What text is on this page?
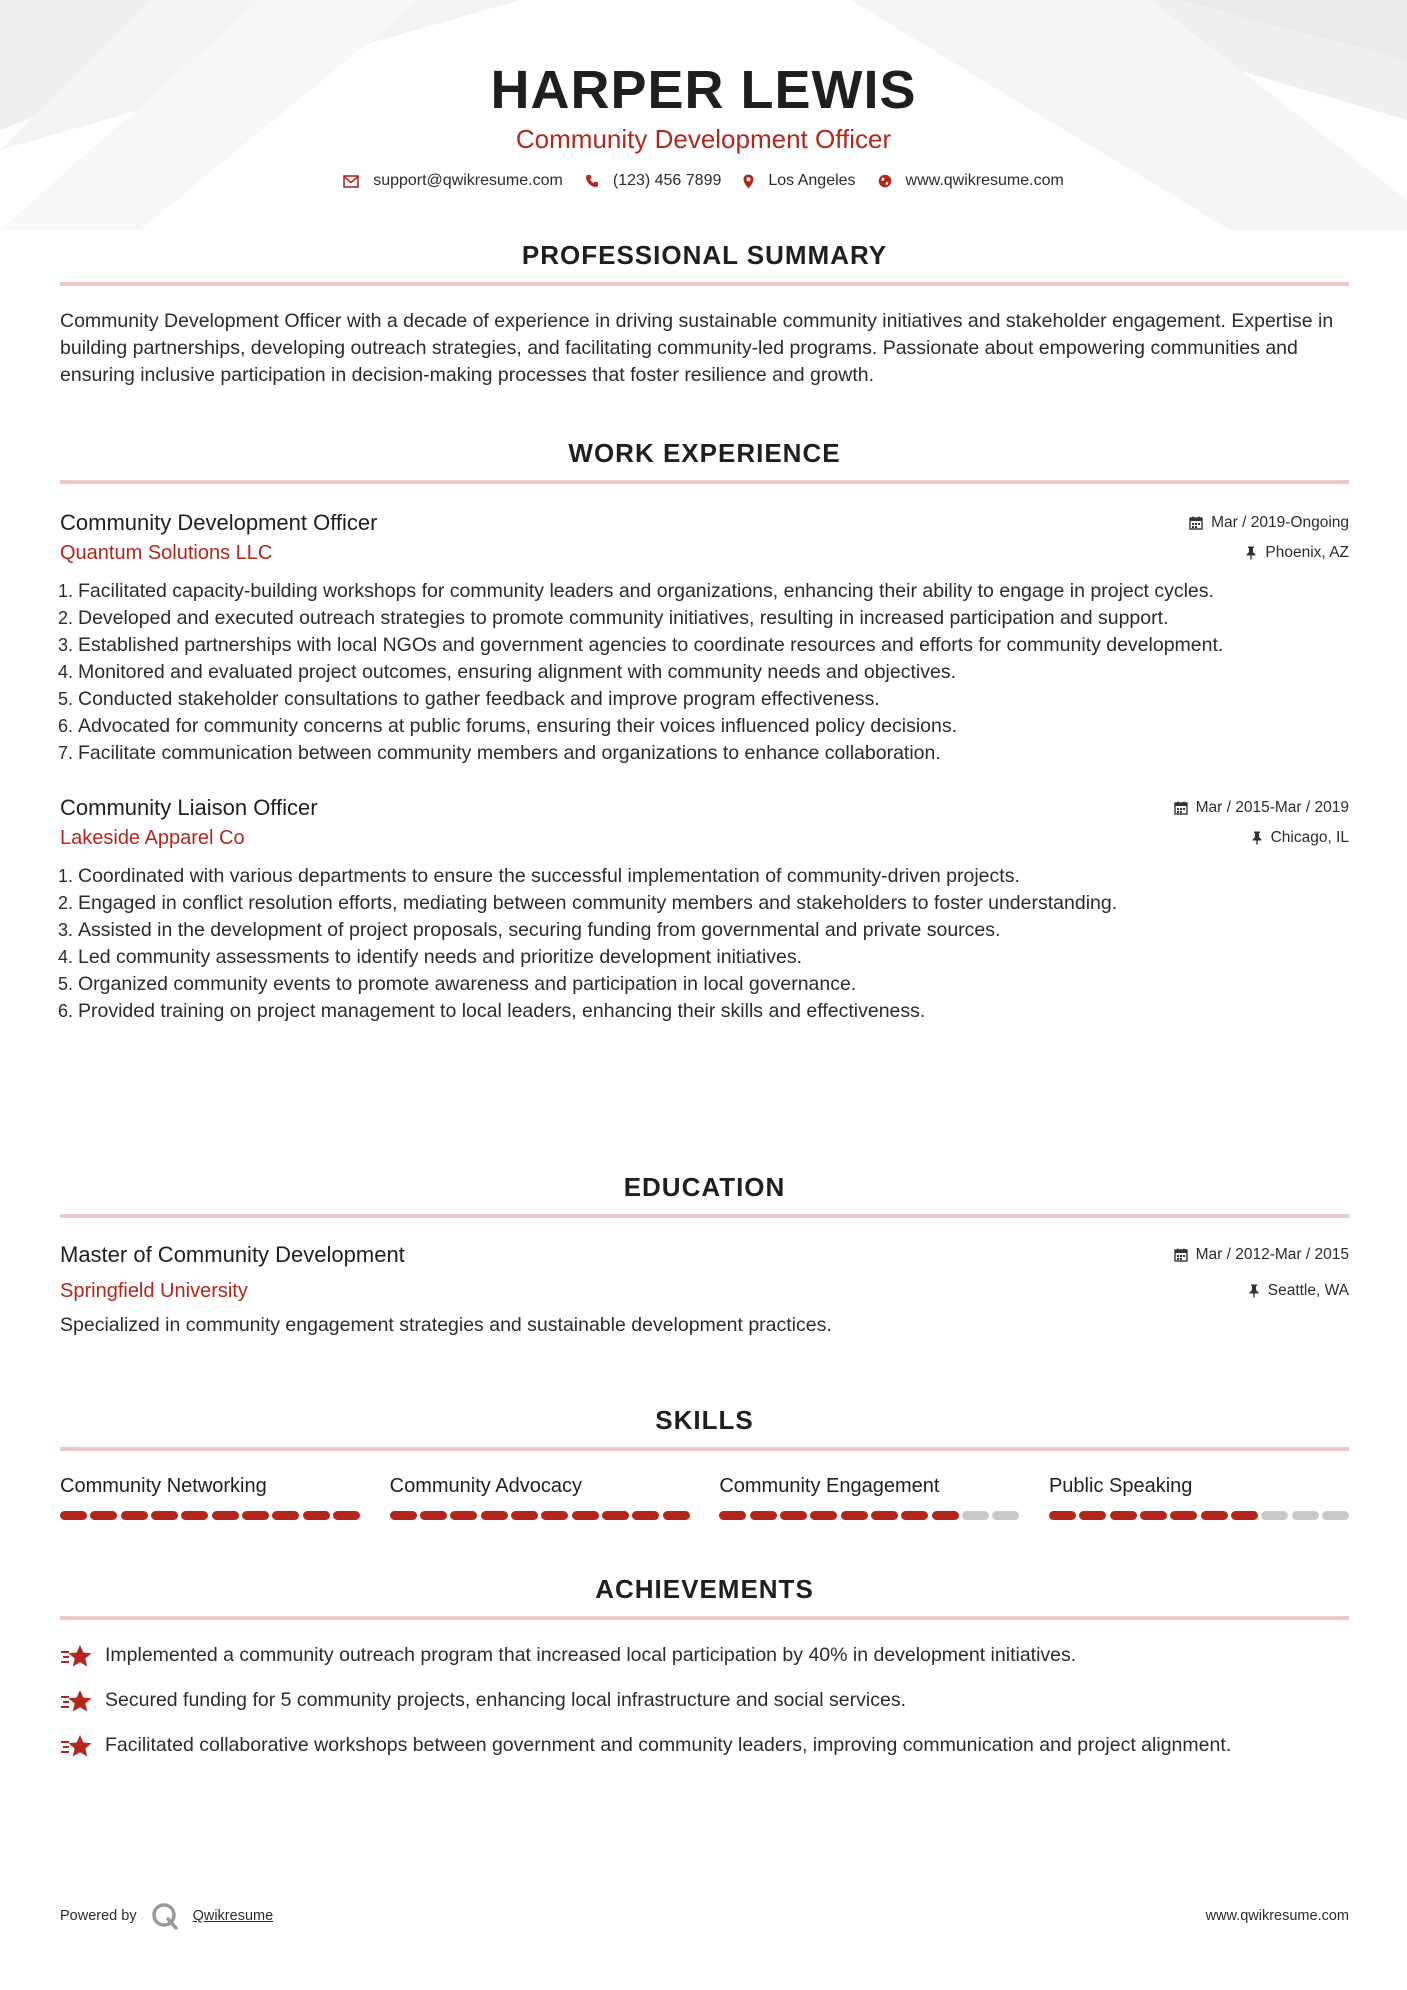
HARPER LEWIS
Community Development Officer
support@qwikresume.com	(123) 456 7899	Los Angeles	www.qwikresume.com
PROFESSIONAL SUMMARY
Community Development Officer with a decade of experience in driving sustainable community initiatives and stakeholder engagement. Expertise in building partnerships, developing outreach strategies, and facilitating community-led programs. Passionate about empowering communities and ensuring inclusive participation in decision-making processes that foster resilience and growth.
WORK EXPERIENCE
Community Development Officer	Mar / 2019-Ongoing
Quantum Solutions LLC	Phoenix, AZ
1. Facilitated capacity-building workshops for community leaders and organizations, enhancing their ability to engage in project cycles.
2. Developed and executed outreach strategies to promote community initiatives, resulting in increased participation and support.
3. Established partnerships with local NGOs and government agencies to coordinate resources and efforts for community development.
4. Monitored and evaluated project outcomes, ensuring alignment with community needs and objectives.
5. Conducted stakeholder consultations to gather feedback and improve program effectiveness.
6. Advocated for community concerns at public forums, ensuring their voices influenced policy decisions.
7. Facilitate communication between community members and organizations to enhance collaboration.
Community Liaison Officer	Mar / 2015-Mar / 2019
Lakeside Apparel Co	Chicago, IL
1. Coordinated with various departments to ensure the successful implementation of community-driven projects.
2. Engaged in conflict resolution efforts, mediating between community members and stakeholders to foster understanding.
3. Assisted in the development of project proposals, securing funding from governmental and private sources.
4. Led community assessments to identify needs and prioritize development initiatives.
5. Organized community events to promote awareness and participation in local governance.
6. Provided training on project management to local leaders, enhancing their skills and effectiveness.
EDUCATION
Master of Community Development	Mar / 2012-Mar / 2015
Springfield University	Seattle, WA
Specialized in community engagement strategies and sustainable development practices.
SKILLS
Community Networking	Community Advocacy	Community Engagement	Public Speaking
ACHIEVEMENTS
Implemented a community outreach program that increased local participation by 40% in development initiatives.
Secured funding for 5 community projects, enhancing local infrastructure and social services.
Facilitated collaborative workshops between government and community leaders, improving communication and project alignment.
Powered by	Qwikresume	www.qwikresume.com
